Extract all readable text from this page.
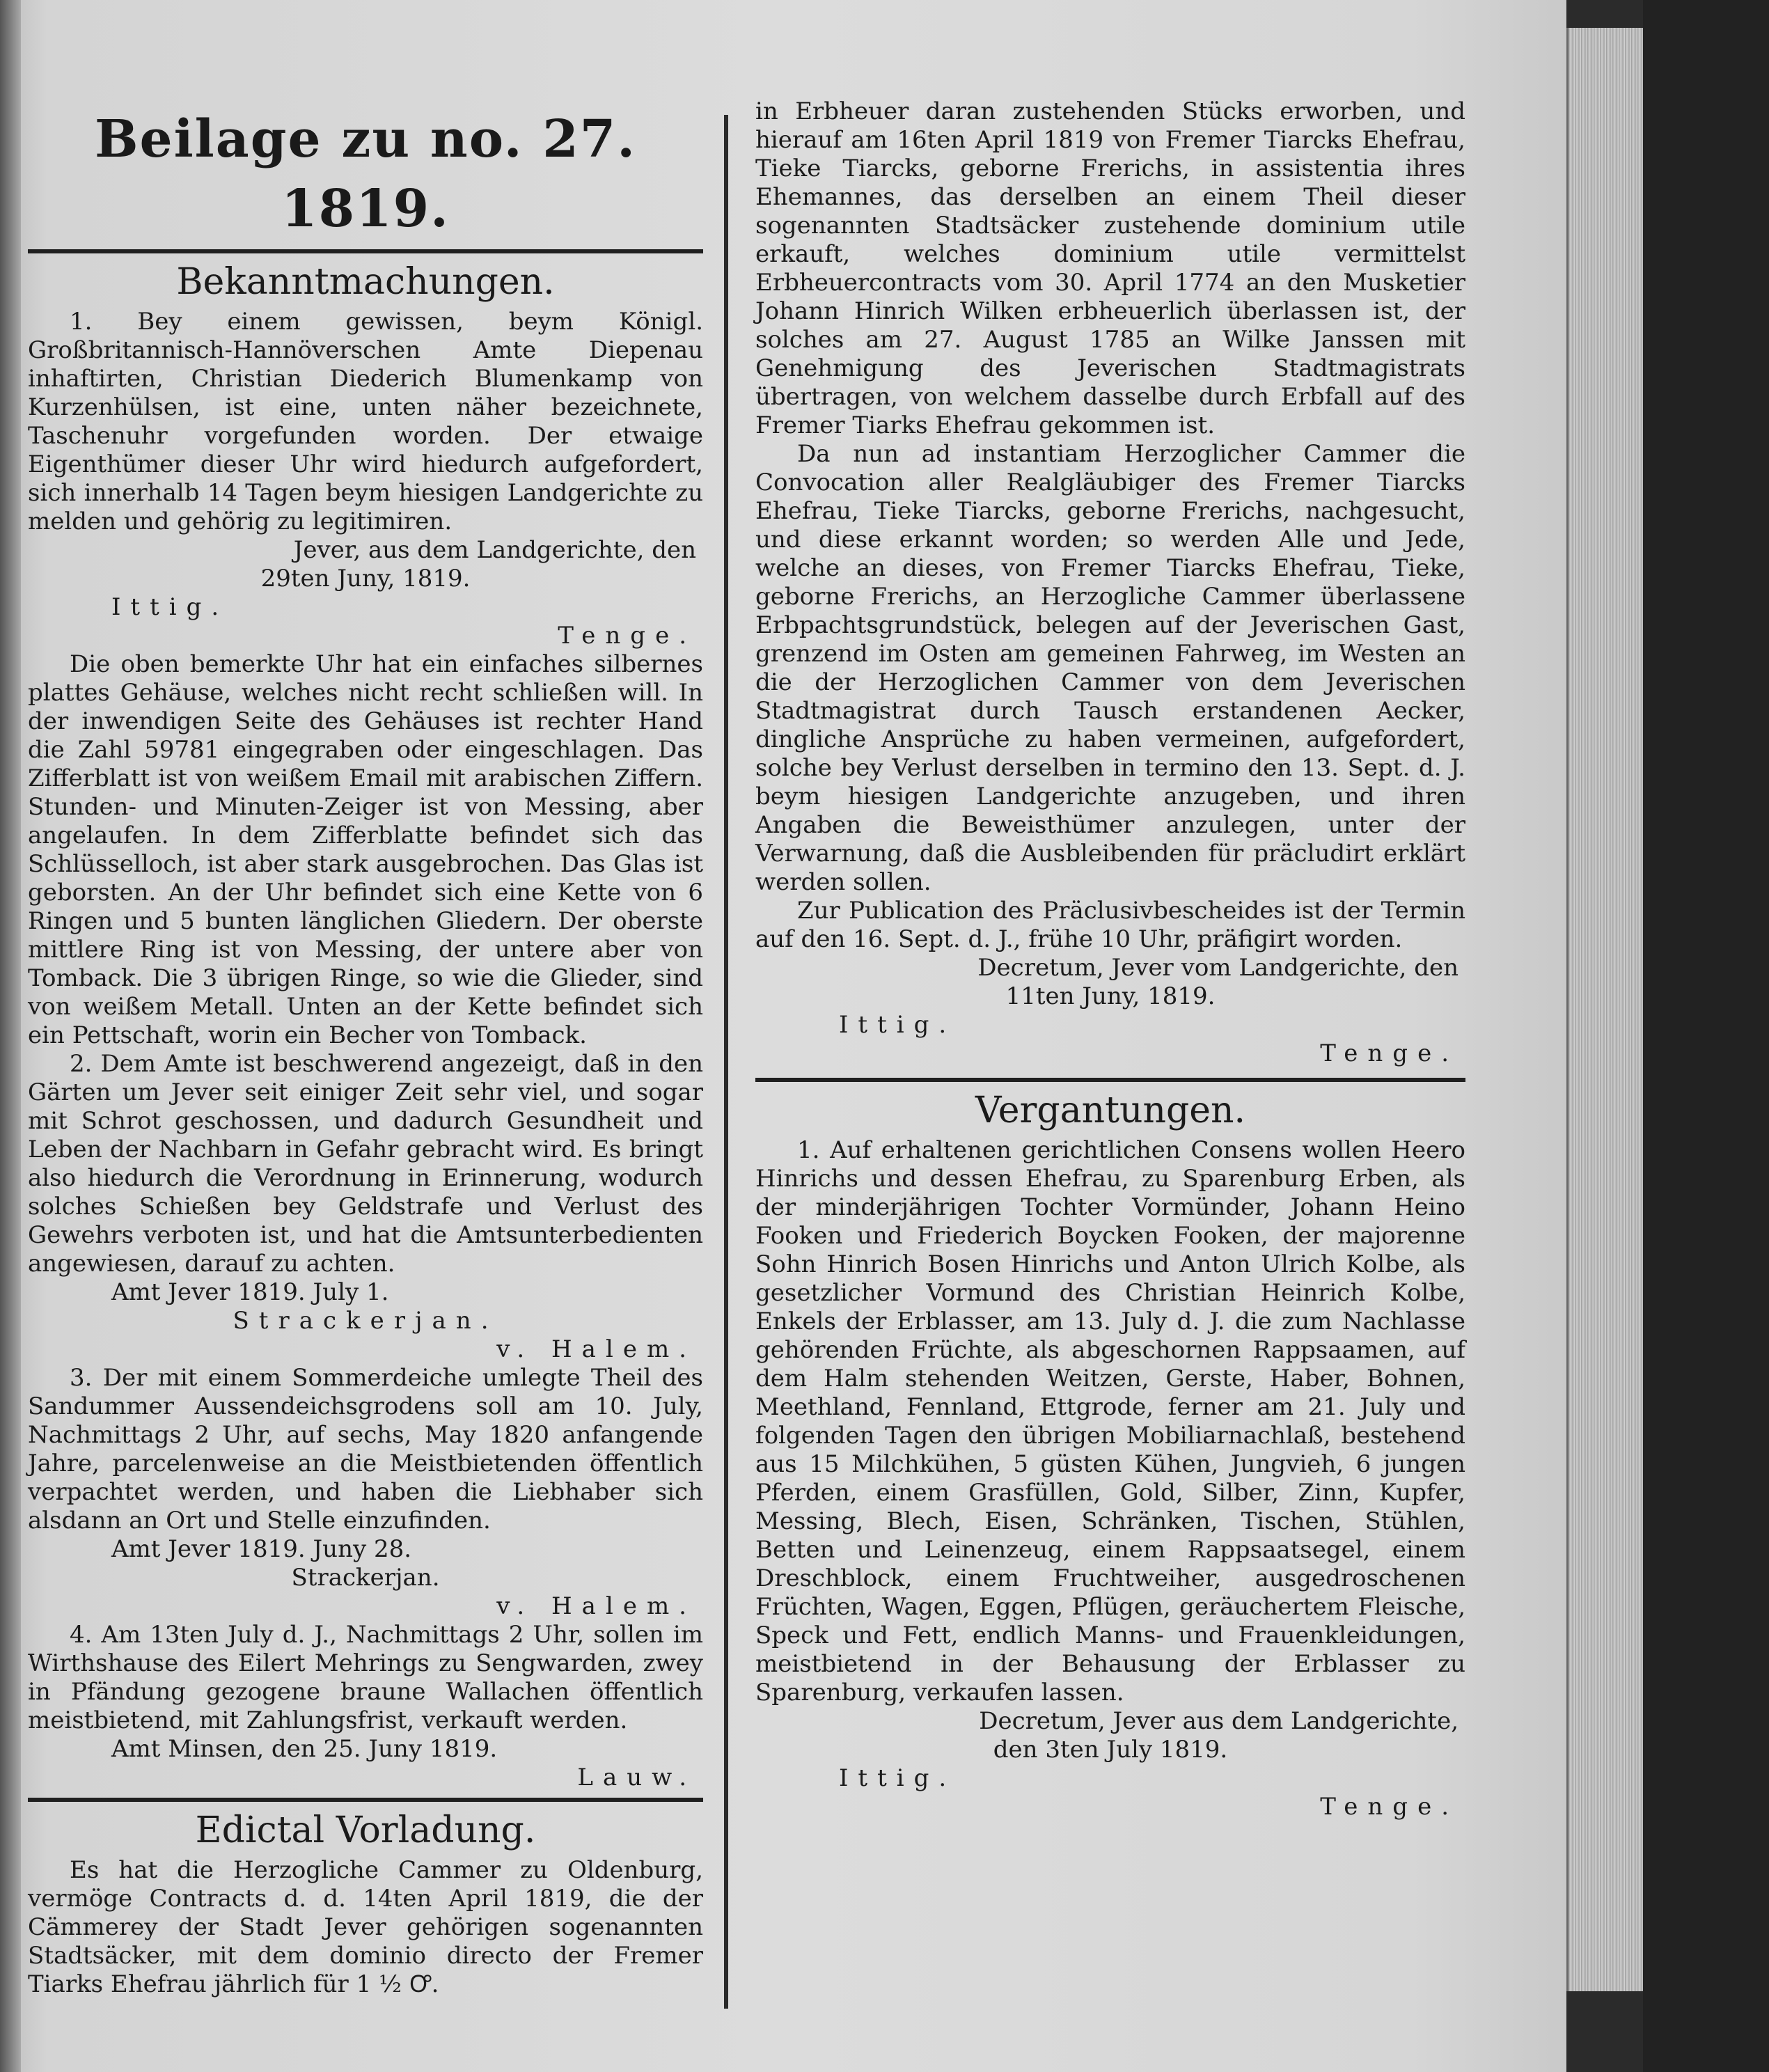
Beilage zu no. 27. 1819.
Bekanntmachungen.

1. Bey einem gewissen, beym Königl. Großbritannisch-Hannöverschen Amte Diepenau inhaftirten, Christian Diederich Blumenkamp von Kurzenhülsen, ist eine, unten näher bezeichnete, Taschenuhr vorgefunden worden. Der etwaige Eigenthümer dieser Uhr wird hiedurch aufgefordert, sich innerhalb 14 Tagen beym hiesigen Landgerichte zu melden und gehörig zu legitimiren.

Jever, aus dem Landgerichte, den
29ten Juny, 1819.
Ittig.
Tenge.

Die oben bemerkte Uhr hat ein einfaches silbernes plattes Gehäuse, welches nicht recht schließen will. In der inwendigen Seite des Gehäuses ist rechter Hand die Zahl 59781 eingegraben oder eingeschlagen. Das Zifferblatt ist von weißem Email mit arabischen Ziffern. Stunden- und Minuten-Zeiger ist von Messing, aber angelaufen. In dem Zifferblatte befindet sich das Schlüsselloch, ist aber stark ausgebrochen. Das Glas ist geborsten. An der Uhr befindet sich eine Kette von 6 Ringen und 5 bunten länglichen Gliedern. Der oberste mittlere Ring ist von Messing, der untere aber von Tomback. Die 3 übrigen Ringe, so wie die Glieder, sind von weißem Metall. Unten an der Kette befindet sich ein Pettschaft, worin ein Becher von Tomback.

2. Dem Amte ist beschwerend angezeigt, daß in den Gärten um Jever seit einiger Zeit sehr viel, und sogar mit Schrot geschossen, und dadurch Gesundheit und Leben der Nachbarn in Gefahr gebracht wird. Es bringt also hiedurch die Verordnung in Erinnerung, wodurch solches Schießen bey Geldstrafe und Verlust des Gewehrs verboten ist, und hat die Amtsunterbedienten angewiesen, darauf zu achten.

Amt Jever 1819. July 1.
Strackerjan.
v. Halem.

3. Der mit einem Sommerdeiche umlegte Theil des Sandummer Aussendeichsgrodens soll am 10. July, Nachmittags 2 Uhr, auf sechs, May 1820 anfangende Jahre, parcelenweise an die Meistbietenden öffentlich verpachtet werden, und haben die Liebhaber sich alsdann an Ort und Stelle einzufinden.

Amt Jever 1819. Juny 28.
Strackerjan.
v. Halem.

4. Am 13ten July d. J., Nachmittags 2 Uhr, sollen im Wirthshause des Eilert Mehrings zu Sengwarden, zwey in Pfändung gezogene braune Wallachen öffentlich meistbietend, mit Zahlungsfrist, verkauft werden.

Amt Minsen, den 25. Juny 1819.
Lauw.
Edictal Vorladung.

Es hat die Herzogliche Cammer zu Oldenburg, vermöge Contracts d. d. 14ten April 1819, die der Cämmerey der Stadt Jever gehörigen sogenannten Stadtsäcker, mit dem dominio directo der Fremer Tiarks Ehefrau jährlich für 1 ½ Ꝍ.

in Erbheuer daran zustehenden Stücks erworben, und hierauf am 16ten April 1819 von Fremer Tiarcks Ehefrau, Tieke Tiarcks, geborne Frerichs, in assistentia ihres Ehemannes, das derselben an einem Theil dieser sogenannten Stadtsäcker zustehende dominium utile erkauft, welches dominium utile vermittelst Erbheuercontracts vom 30. April 1774 an den Musketier Johann Hinrich Wilken erbheuerlich überlassen ist, der solches am 27. August 1785 an Wilke Janssen mit Genehmigung des Jeverischen Stadtmagistrats übertragen, von welchem dasselbe durch Erbfall auf des Fremer Tiarks Ehefrau gekommen ist.

Da nun ad instantiam Herzoglicher Cammer die Convocation aller Realgläubiger des Fremer Tiarcks Ehefrau, Tieke Tiarcks, geborne Frerichs, nachgesucht, und diese erkannt worden; so werden Alle und Jede, welche an dieses, von Fremer Tiarcks Ehefrau, Tieke, geborne Frerichs, an Herzogliche Cammer überlassene Erbpachtsgrundstück, belegen auf der Jeverischen Gast, grenzend im Osten am gemeinen Fahrweg, im Westen an die der Herzoglichen Cammer von dem Jeverischen Stadtmagistrat durch Tausch erstandenen Aecker, dingliche Ansprüche zu haben vermeinen, aufgefordert, solche bey Verlust derselben in termino den 13. Sept. d. J. beym hiesigen Landgerichte anzugeben, und ihren Angaben die Beweisthümer anzulegen, unter der Verwarnung, daß die Ausbleibenden für präcludirt erklärt werden sollen.

Zur Publication des Präclusivbescheides ist der Termin auf den 16. Sept. d. J., frühe 10 Uhr, präfigirt worden.

Decretum, Jever vom Landgerichte, den
11ten Juny, 1819.
Ittig.
Tenge.
Vergantungen.

1. Auf erhaltenen gerichtlichen Consens wollen Heero Hinrichs und dessen Ehefrau, zu Sparenburg Erben, als der minderjährigen Tochter Vormünder, Johann Heino Fooken und Friederich Boycken Fooken, der majorenne Sohn Hinrich Bosen Hinrichs und Anton Ulrich Kolbe, als gesetzlicher Vormund des Christian Heinrich Kolbe, Enkels der Erblasser, am 13. July d. J. die zum Nachlasse gehörenden Früchte, als abgeschornen Rappsaamen, auf dem Halm stehenden Weitzen, Gerste, Haber, Bohnen, Meethland, Fennland, Ettgrode, ferner am 21. July und folgenden Tagen den übrigen Mobiliarnachlaß, bestehend aus 15 Milchkühen, 5 güsten Kühen, Jungvieh, 6 jungen Pferden, einem Grasfüllen, Gold, Silber, Zinn, Kupfer, Messing, Blech, Eisen, Schränken, Tischen, Stühlen, Betten und Leinenzeug, einem Rappsaatsegel, einem Dreschblock, einem Fruchtweiher, ausgedroschenen Früchten, Wagen, Eggen, Pflügen, geräuchertem Fleische, Speck und Fett, endlich Manns- und Frauenkleidungen, meistbietend in der Behausung der Erblasser zu Sparenburg, verkaufen lassen.

Decretum, Jever aus dem Landgerichte,
den 3ten July 1819.
Ittig.
Tenge.
